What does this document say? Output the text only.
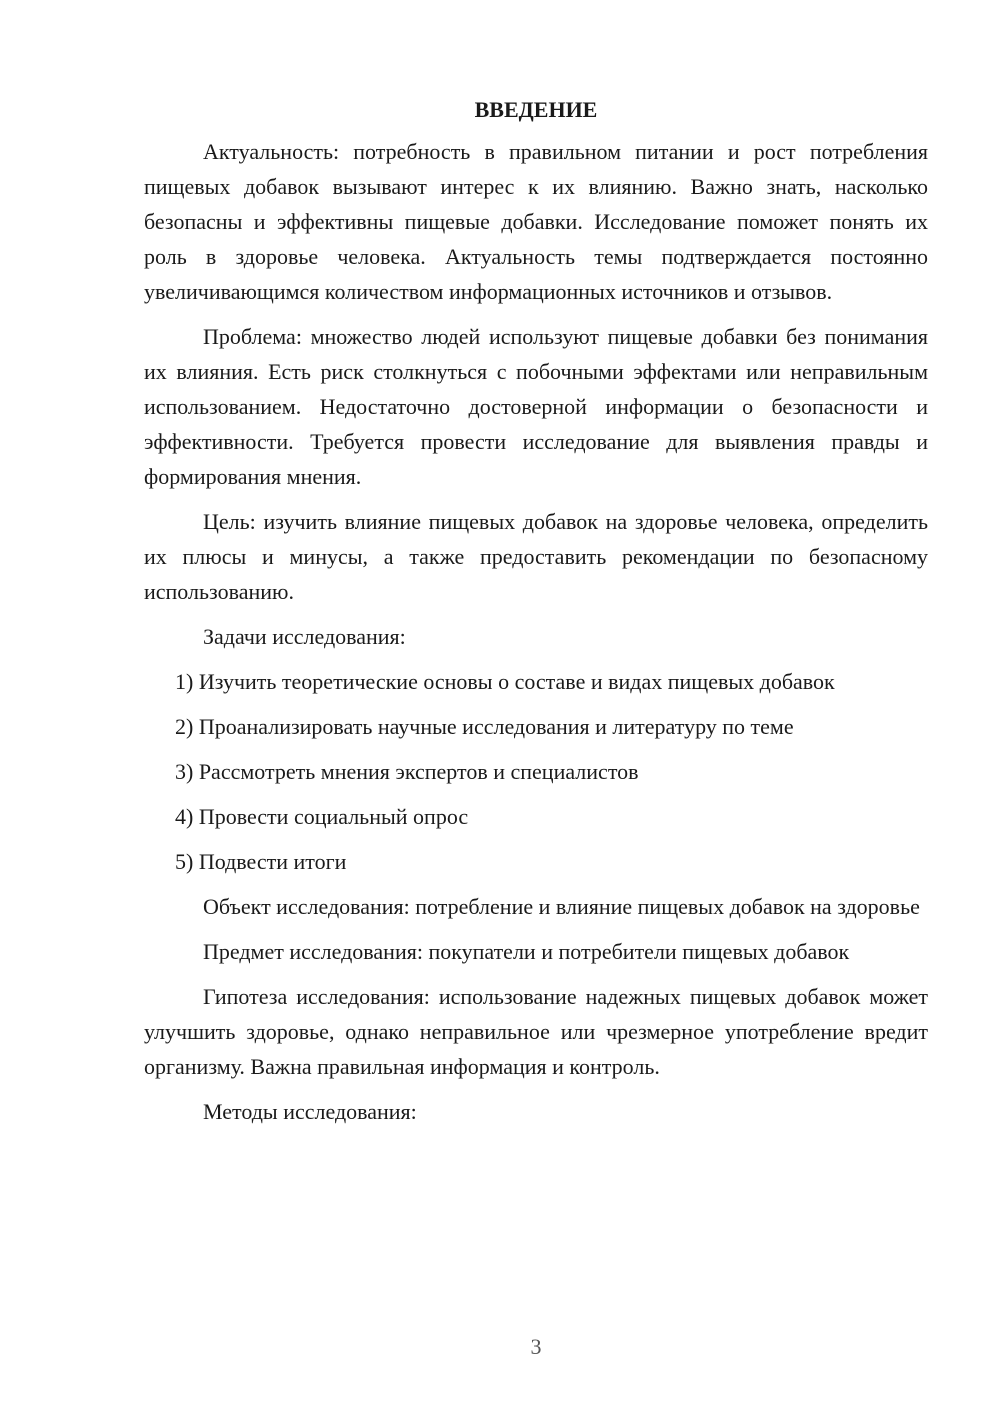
ВВЕДЕНИЕ

Актуальность: потребность в правильном питании и рост потребления пищевых добавок вызывают интерес к их влиянию. Важно знать, насколько безопасны и эффективны пищевые добавки. Исследование поможет понять их роль в здоровье человека. Актуальность темы подтверждается постоянно увеличивающимся количеством информационных источников и отзывов.

Проблема: множество людей используют пищевые добавки без понимания их влияния. Есть риск столкнуться с побочными эффектами или неправильным использованием. Недостаточно достоверной информации о безопасности и эффективности. Требуется провести исследование для выявления правды и формирования мнения.

Цель: изучить влияние пищевых добавок на здоровье человека, определить их плюсы и минусы, а также предоставить рекомендации по безопасному использованию.

Задачи исследования:

1) Изучить теоретические основы о составе и видах пищевых добавок

2) Проанализировать научные исследования и литературу по теме

3) Рассмотреть мнения экспертов и специалистов

4) Провести социальный опрос

5) Подвести итоги

Объект исследования: потребление и влияние пищевых добавок на здоровье

Предмет исследования: покупатели и потребители пищевых добавок

Гипотеза исследования: использование надежных пищевых добавок может улучшить здоровье, однако неправильное или чрезмерное употребление вредит организму. Важна правильная информация и контроль.

Методы исследования:

3
